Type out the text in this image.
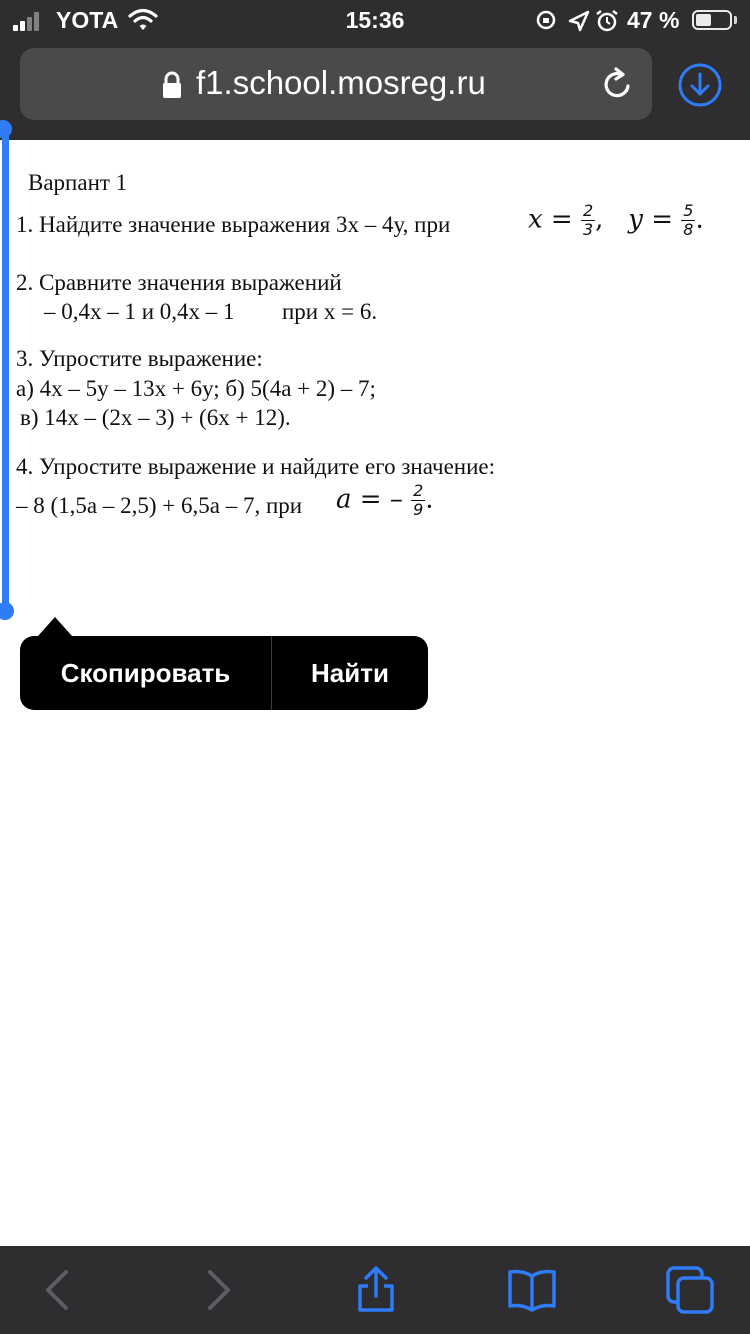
YOTA	15:36	47 %
f1.school.mosreg.ru
Варпант 1
1. Найдите значение выражения 3х – 4у, при	$x = \frac{2}{3}$ , $y = \frac{5}{8}$ .
2. Сравните значения выражений
– 0,4х – 1 и 0,4х – 1 при х = 6.
3. Упростите выражение:
а) 4х – 5у – 13х + 6у; б) 5(4а + 2) – 7;
в) 14х – (2х – 3) + (6х + 12).
4. Упростите выражение и найдите его значение:
– 8 (1,5а – 2,5) + 6,5а – 7, при a = – $\frac{2}{9}$ .
Скопировать	Найти
